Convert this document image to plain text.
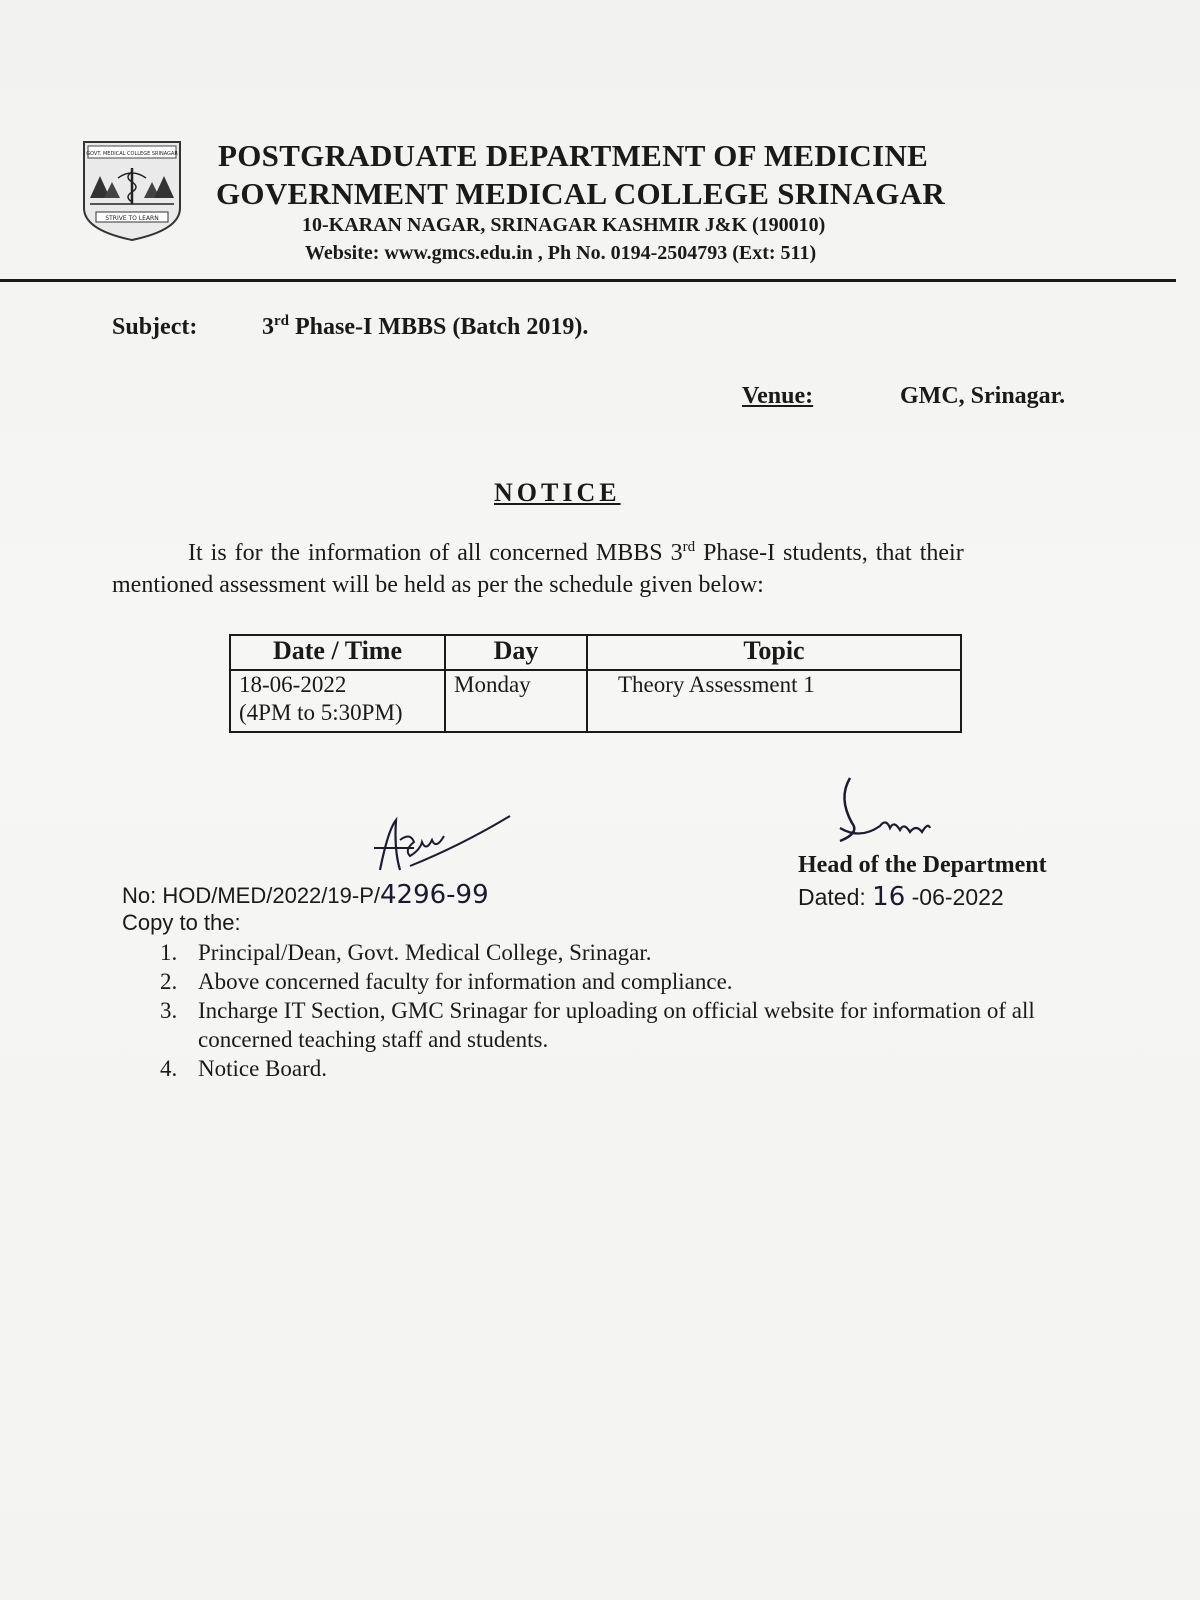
GOVT. MEDICAL COLLEGE SRINAGAR
STRIVE TO LEARN
POSTGRADUATE DEPARTMENT OF MEDICINE
GOVERNMENT MEDICAL COLLEGE SRINAGAR
10-KARAN NAGAR, SRINAGAR KASHMIR J&K (190010)
Website: www.gmcs.edu.in , Ph No. 0194-2504793 (Ext: 511)
Subject:	3rd Phase-I MBBS (Batch 2019).
Venue:	GMC, Srinagar.
NOTICE
It is for the information of all concerned MBBS 3rd Phase-I students, that their
mentioned assessment will be held as per the schedule given below:
Date / Time	Day	Topic

18-06-2022
(4PM to 5:30PM)	Monday	Theory Assessment 1
Head of the Department
Dated: 16 -06-2022
No: HOD/MED/2022/19-P/4296-99
Copy to the:
1. Principal/Dean, Govt. Medical College, Srinagar.
2. Above concerned faculty for information and compliance.
3. Incharge IT Section, GMC Srinagar for uploading on official website for information of all concerned teaching staff and students.
4. Notice Board.
